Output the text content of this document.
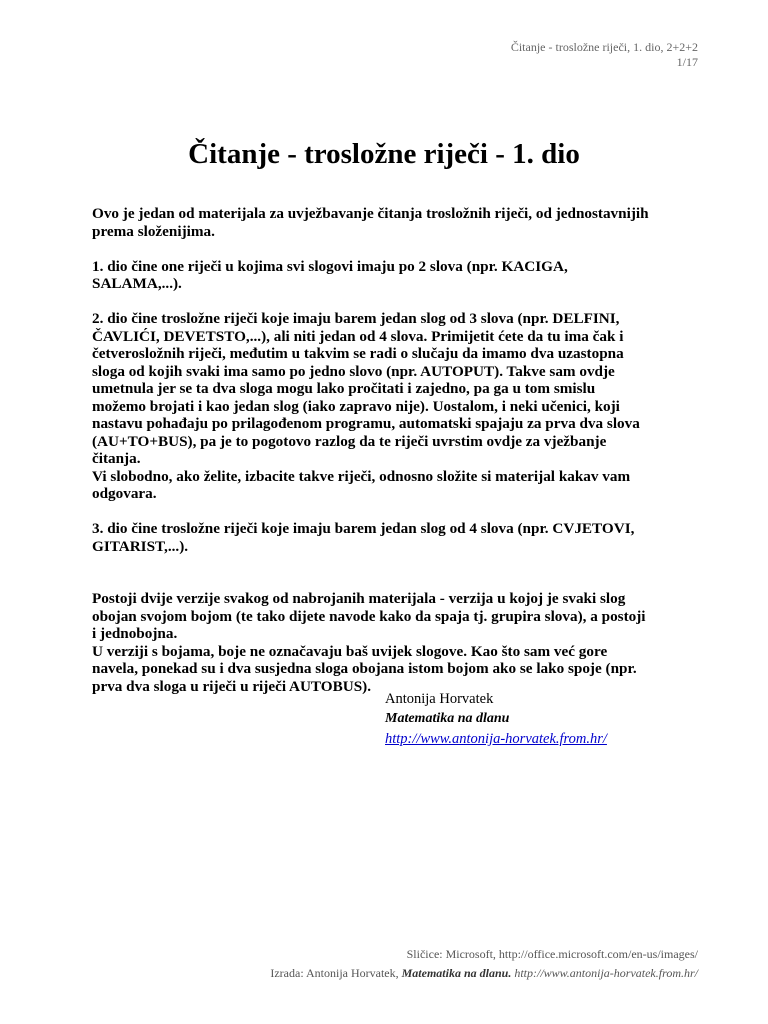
Čitanje - trosložne riječi, 1. dio, 2+2+2
1/17
Čitanje - trosložne riječi - 1. dio

Ovo je jedan od materijala za uvježbavanje čitanja trosložnih riječi, od jednostavnijih prema složenijima.

1. dio čine one riječi u kojima svi slogovi imaju po 2 slova (npr. KACIGA, SALAMA,...).

2. dio čine trosložne riječi koje imaju barem jedan slog od 3 slova (npr. DELFINI, ČAVLIĆI, DEVETSTO,...), ali niti jedan od 4 slova. Primijetit ćete da tu ima čak i četverosložnih riječi, međutim u takvim se radi o slučaju da imamo dva uzastopna sloga od kojih svaki ima samo po jedno slovo (npr. AUTOPUT). Takve sam ovdje umetnula jer se ta dva sloga mogu lako pročitati i zajedno, pa ga u tom smislu možemo brojati i kao jedan slog (iako zapravo nije). Uostalom, i neki učenici, koji nastavu pohađaju po prilagođenom programu, automatski spajaju za prva dva slova (AU+TO+BUS), pa je to pogotovo razlog da te riječi uvrstim ovdje za vježbanje čitanja.

Vi slobodno, ako želite, izbacite takve riječi, odnosno složite si materijal kakav vam odgovara.

3. dio čine trosložne riječi koje imaju barem jedan slog od 4 slova (npr. CVJETOVI, GITARIST,...).

Postoji dvije verzije svakog od nabrojanih materijala - verzija u kojoj je svaki slog obojan svojom bojom (te tako dijete navode kako da spaja tj. grupira slova), a postoji i jednobojna.

U verziji s bojama, boje ne označavaju baš uvijek slogove. Kao što sam već gore navela, ponekad su i dva susjedna sloga obojana istom bojom ako se lako spoje (npr. prva dva sloga u riječi u riječi AUTOBUS).

Antonija Horvatek
Matematika na dlanu
http://www.antonija-horvatek.from.hr/
Sličice: Microsoft, http://office.microsoft.com/en-us/images/
Izrada: Antonija Horvatek, Matematika na dlanu. http://www.antonija-horvatek.from.hr/
